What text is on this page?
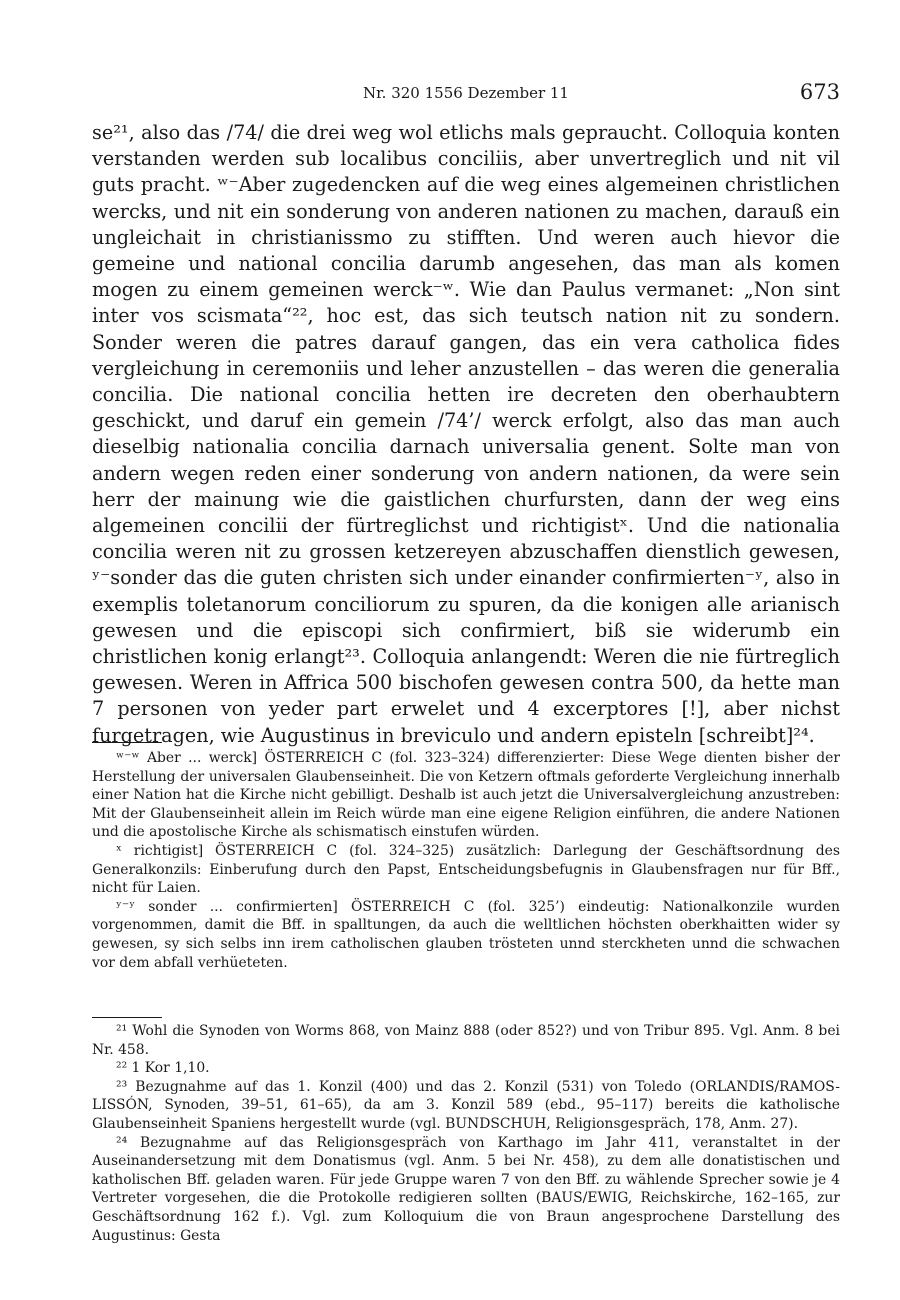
Nr. 320 1556 Dezember 11	673

se²¹, also das /74/ die drei weg wol etlichs mals gepraucht. Colloquia konten verstanden werden sub localibus conciliis, aber unvertreglich und nit vil guts pracht. ʷ⁻Aber zugedencken auf die weg eines algemeinen christlichen wercks, und nit ein sonderung von anderen nationen zu machen, darauß ein ungleichait in christianissmo zu stifften. Und weren auch hievor die gemeine und national concilia darumb angesehen, das man als komen mogen zu einem gemeinen werck⁻ʷ. Wie dan Paulus vermanet: „Non sint inter vos scismata“²², hoc est, das sich teutsch nation nit zu sondern. Sonder weren die patres darauf gangen, das ein vera catholica fides vergleichung in ceremoniis und leher anzustellen – das weren die generalia concilia. Die national concilia hetten ire decreten den oberhaubtern geschickt, und daruf ein gemein /74’/ werck erfolgt, also das man auch dieselbig nationalia concilia darnach universalia genent. Solte man von andern wegen reden einer sonderung von andern nationen, da were sein herr der mainung wie die gaistlichen churfursten, dann der weg eins algemeinen concilii der fürtreglichst und richtigistˣ. Und die nationalia concilia weren nit zu grossen ketzereyen abzuschaffen dienstlich gewesen, ʸ⁻sonder das die guten christen sich under einander confirmierten⁻ʸ, also in exemplis toletanorum conciliorum zu spuren, da die konigen alle arianisch gewesen und die episcopi sich confirmiert, biß sie widerumb ein christlichen konig erlangt²³. Colloquia anlangendt: Weren die nie fürtreglich gewesen. Weren in Affrica 500 bischofen gewesen contra 500, da hette man 7 personen von yeder part erwelet und 4 excerptores [!], aber nichst furgetragen, wie Augustinus in breviculo und andern episteln [schreibt]²⁴.

ʷ⁻ʷ Aber ... werck] ÖSTERREICH C (fol. 323–324) differenzierter: Diese Wege dienten bisher der Herstellung der universalen Glaubenseinheit. Die von Ketzern oftmals geforderte Vergleichung innerhalb einer Nation hat die Kirche nicht gebilligt. Deshalb ist auch jetzt die Universalvergleichung anzustreben: Mit der Glaubenseinheit allein im Reich würde man eine eigene Religion einführen, die andere Nationen und die apostolische Kirche als schismatisch einstufen würden.

ˣ richtigist] ÖSTERREICH C (fol. 324–325) zusätzlich: Darlegung der Geschäftsordnung des Generalkonzils: Einberufung durch den Papst, Entscheidungsbefugnis in Glaubensfragen nur für Bff., nicht für Laien.

ʸ⁻ʸ sonder ... confirmierten] ÖSTERREICH C (fol. 325’) eindeutig: Nationalkonzile wurden vorgenommen, damit die Bff. in spalltungen, da auch die welltlichen höchsten oberkhaitten wider sy gewesen, sy sich selbs inn irem catholischen glauben trösteten unnd sterckheten unnd die schwachen vor dem abfall verhüeteten.

²¹ Wohl die Synoden von Worms 868, von Mainz 888 (oder 852?) und von Tribur 895. Vgl. Anm. 8 bei Nr. 458.

²² 1 Kor 1,10.

²³ Bezugnahme auf das 1. Konzil (400) und das 2. Konzil (531) von Toledo (ORLANDIS/RAMOS-LISSÓN, Synoden, 39–51, 61–65), da am 3. Konzil 589 (ebd., 95–117) bereits die katholische Glaubenseinheit Spaniens hergestellt wurde (vgl. BUNDSCHUH, Religionsgespräch, 178, Anm. 27).

²⁴ Bezugnahme auf das Religionsgespräch von Karthago im Jahr 411, veranstaltet in der Auseinandersetzung mit dem Donatismus (vgl. Anm. 5 bei Nr. 458), zu dem alle donatistischen und katholischen Bff. geladen waren. Für jede Gruppe waren 7 von den Bff. zu wählende Sprecher sowie je 4 Vertreter vorgesehen, die die Protokolle redigieren sollten (BAUS/EWIG, Reichskirche, 162–165, zur Geschäftsordnung 162 f.). Vgl. zum Kolloquium die von Braun angesprochene Darstellung des Augustinus: Gesta
